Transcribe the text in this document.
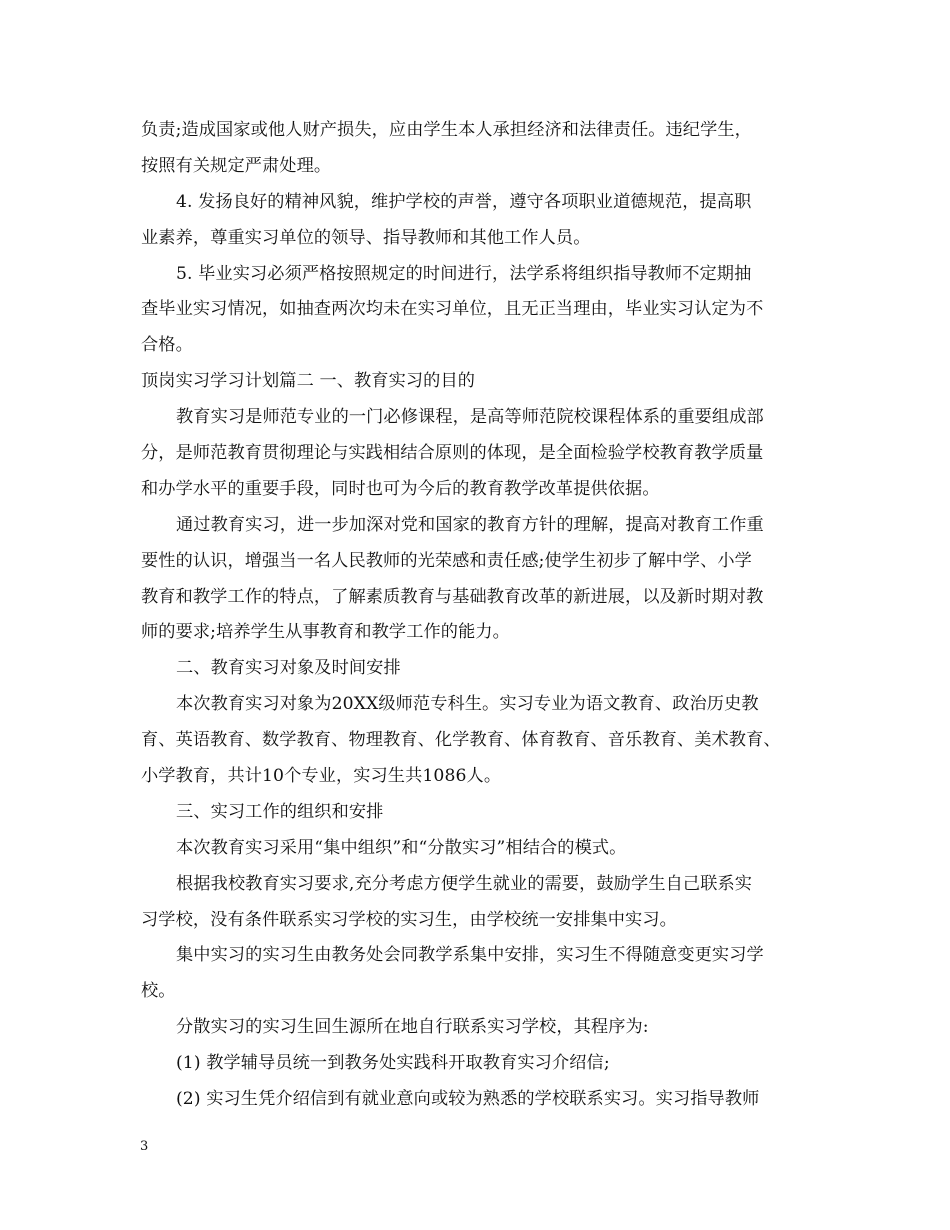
负责;造成国家或他人财产损失，应由学生本人承担经济和法律责任。违纪学生，
按照有关规定严肃处理。
4. 发扬良好的精神风貌，维护学校的声誉，遵守各项职业道德规范，提高职
业素养，尊重实习单位的领导、指导教师和其他工作人员。
5. 毕业实习必须严格按照规定的时间进行，法学系将组织指导教师不定期抽
查毕业实习情况，如抽查两次均未在实习单位，且无正当理由，毕业实习认定为不
合格。
顶岗实习学习计划篇二 一、教育实习的目的
教育实习是师范专业的一门必修课程，是高等师范院校课程体系的重要组成部
分，是师范教育贯彻理论与实践相结合原则的体现，是全面检验学校教育教学质量
和办学水平的重要手段，同时也可为今后的教育教学改革提供依据。
通过教育实习，进一步加深对党和国家的教育方针的理解，提高对教育工作重
要性的认识，增强当一名人民教师的光荣感和责任感;使学生初步了解中学、小学
教育和教学工作的特点，了解素质教育与基础教育改革的新进展，以及新时期对教
师的要求;培养学生从事教育和教学工作的能力。
二、教育实习对象及时间安排
本次教育实习对象为20XX级师范专科生。实习专业为语文教育、政治历史教
育、英语教育、数学教育、物理教育、化学教育、体育教育、音乐教育、美术教育、
小学教育，共计10个专业，实习生共1086人。
三、实习工作的组织和安排
本次教育实习采用“集中组织”和“分散实习”相结合的模式。
根据我校教育实习要求,充分考虑方便学生就业的需要，鼓励学生自己联系实
习学校，没有条件联系实习学校的实习生，由学校统一安排集中实习。
集中实习的实习生由教务处会同教学系集中安排，实习生不得随意变更实习学
校。
分散实习的实习生回生源所在地自行联系实习学校，其程序为:
(1) 教学辅导员统一到教务处实践科开取教育实习介绍信;
(2) 实习生凭介绍信到有就业意向或较为熟悉的学校联系实习。实习指导教师
3
